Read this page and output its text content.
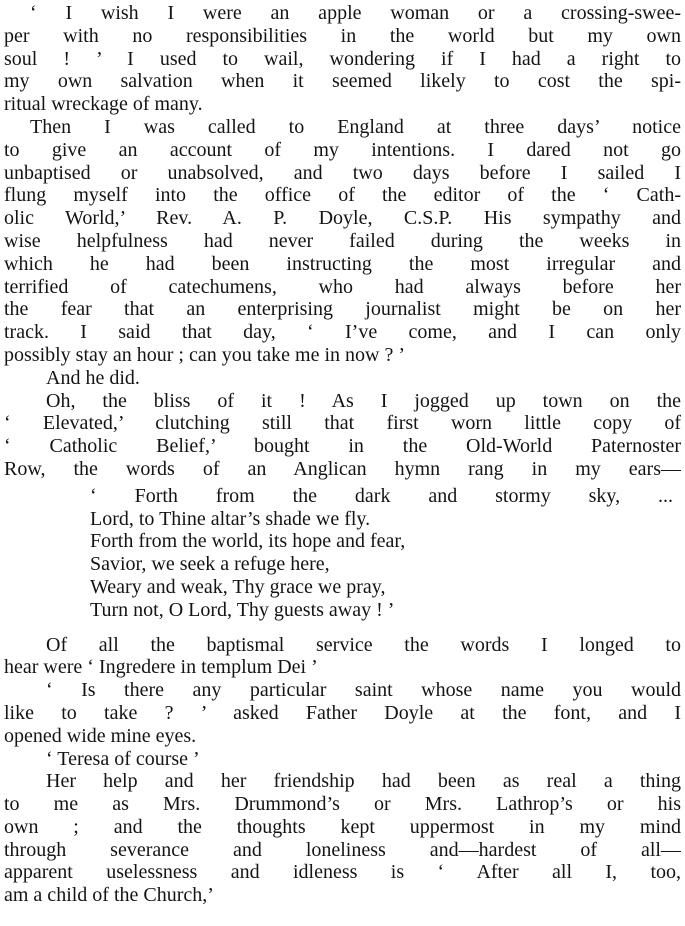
‘ I wish I were an apple woman or a crossing-swee-
per with no responsibilities in the world but my own
soul ! ’ I used to wail, wondering if I had a right to
my own salvation when it seemed likely to cost the spi-
ritual wreckage of many.
Then I was called to England at three days’ notice
to give an account of my intentions. I dared not go
unbaptised or unabsolved, and two days before I sailed I
flung myself into the office of the editor of the ‘ Cath-
olic World,’ Rev. A. P. Doyle, C.S.P. His sympathy and
wise helpfulness had never failed during the weeks in
which he had been instructing the most irregular and
terrified of catechumens, who had always before her
the fear that an enterprising journalist might be on her
track. I said that day, ‘ I’ve come, and I can only
possibly stay an hour ; can you take me in now ? ’
And he did.
Oh, the bliss of it ! As I jogged up town on the
‘ Elevated,’ clutching still that first worn little copy of
‘ Catholic Belief,’ bought in the Old-World Paternoster
Row, the words of an Anglican hymn rang in my ears—
‘ Forth from the dark and stormy sky, ...
Lord, to Thine altar’s shade we fly.
Forth from the world, its hope and fear,
Savior, we seek a refuge here,
Weary and weak, Thy grace we pray,
Turn not, O Lord, Thy guests away ! ’
Of all the baptismal service the words I longed to
hear were ‘ Ingredere in templum Dei ’
‘ Is there any particular saint whose name you would
like to take ? ’ asked Father Doyle at the font, and I
opened wide mine eyes.
‘ Teresa of course ’
Her help and her friendship had been as real a thing
to me as Mrs. Drummond’s or Mrs. Lathrop’s or his
own ; and the thoughts kept uppermost in my mind
through severance and loneliness and—hardest of all—
apparent uselessness and idleness is ‘ After all I, too,
am a child of the Church,’
